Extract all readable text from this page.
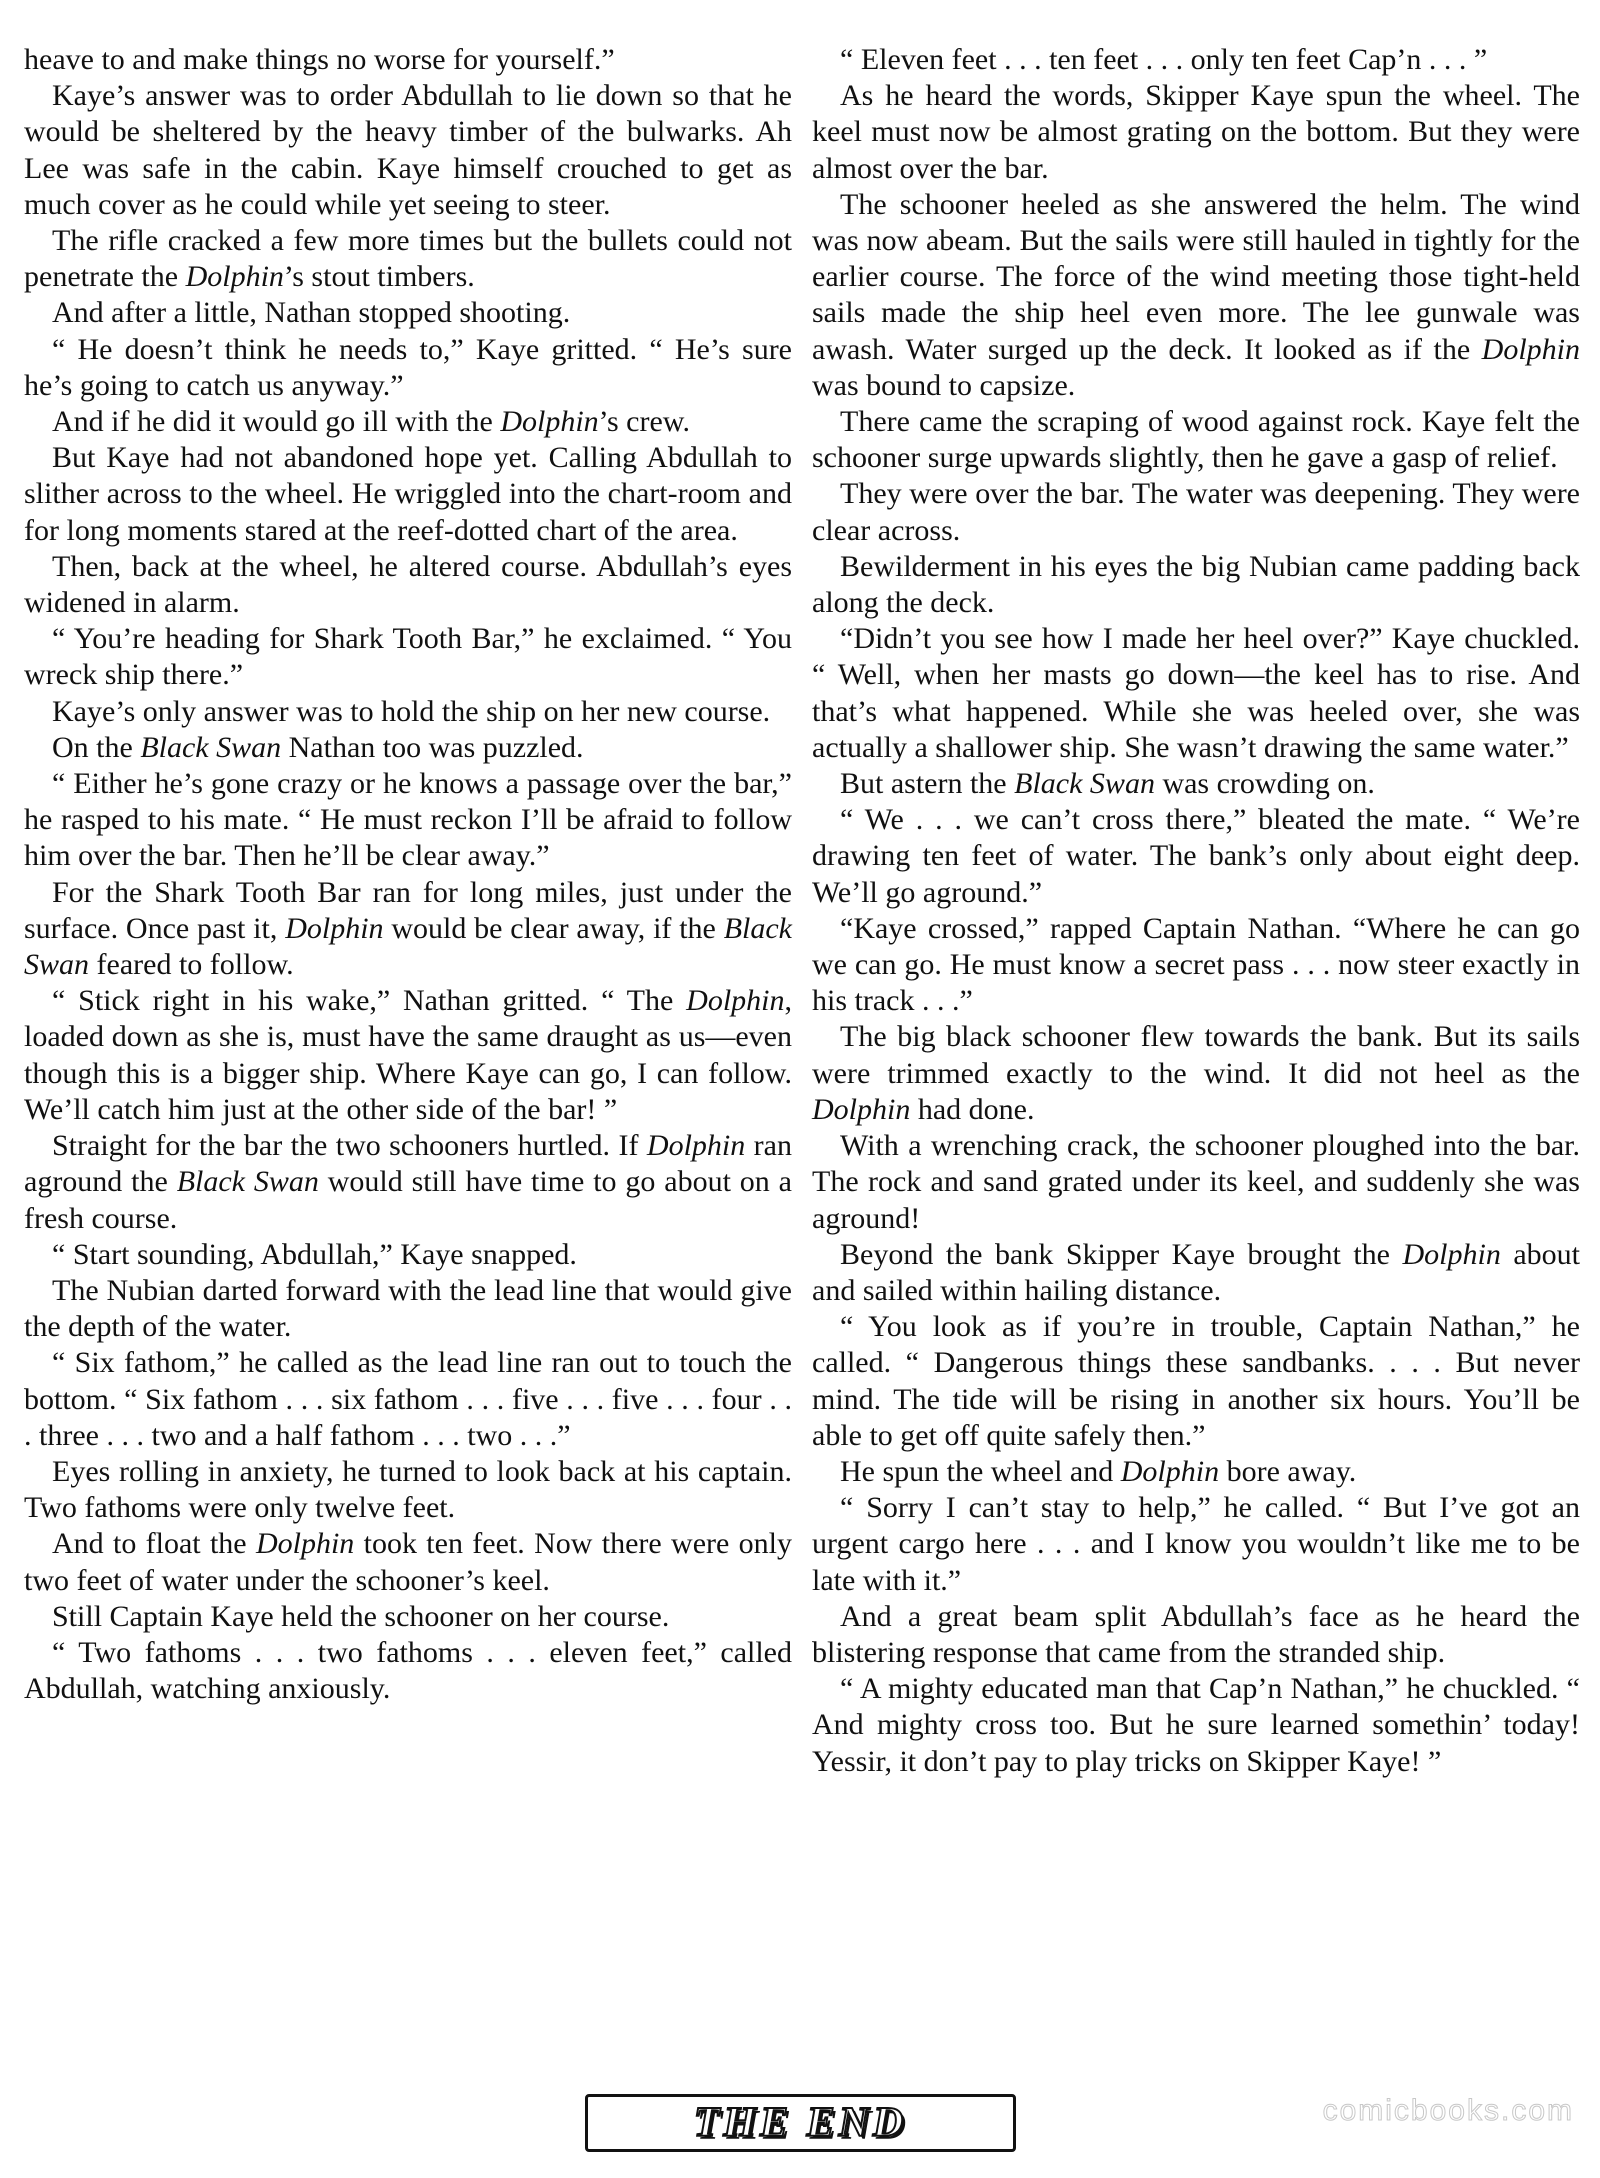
heave to and make things no worse for yourself.”

Kaye’s answer was to order Abdullah to lie down so that he would be sheltered by the heavy timber of the bulwarks. Ah Lee was safe in the cabin. Kaye himself crouched to get as much cover as he could while yet seeing to steer.

The rifle cracked a few more times but the bullets could not penetrate the Dolphin’s stout timbers.

And after a little, Nathan stopped shooting.

“ He doesn’t think he needs to,” Kaye gritted. “ He’s sure he’s going to catch us anyway.”

And if he did it would go ill with the Dolphin’s crew.

But Kaye had not abandoned hope yet. Calling Abdullah to slither across to the wheel. He wriggled into the chart-room and for long moments stared at the reef-dotted chart of the area.

Then, back at the wheel, he altered course. Abdullah’s eyes widened in alarm.

“ You’re heading for Shark Tooth Bar,” he exclaimed. “ You wreck ship there.”

Kaye’s only answer was to hold the ship on her new course.

On the Black Swan Nathan too was puzzled.

“ Either he’s gone crazy or he knows a passage over the bar,” he rasped to his mate. “ He must reckon I’ll be afraid to follow him over the bar. Then he’ll be clear away.”

For the Shark Tooth Bar ran for long miles, just under the surface. Once past it, Dolphin would be clear away, if the Black Swan feared to follow.

“ Stick right in his wake,” Nathan gritted. “ The Dolphin, loaded down as she is, must have the same draught as us—even though this is a bigger ship. Where Kaye can go, I can follow. We’ll catch him just at the other side of the bar! ”

Straight for the bar the two schooners hurtled. If Dolphin ran aground the Black Swan would still have time to go about on a fresh course.

“ Start sounding, Abdullah,” Kaye snapped.

The Nubian darted forward with the lead line that would give the depth of the water.

“ Six fathom,” he called as the lead line ran out to touch the bottom. “ Six fathom . . . six fathom . . . five . . . five . . . four . . . three . . . two and a half fathom . . . two . . .”

Eyes rolling in anxiety, he turned to look back at his captain. Two fathoms were only twelve feet.

And to float the Dolphin took ten feet. Now there were only two feet of water under the schooner’s keel.

Still Captain Kaye held the schooner on her course.

“ Two fathoms . . . two fathoms . . . eleven feet,” called Abdullah, watching anxiously.

“ Eleven feet . . . ten feet . . . only ten feet Cap’n . . . ”

As he heard the words, Skipper Kaye spun the wheel. The keel must now be almost grating on the bottom. But they were almost over the bar.

The schooner heeled as she answered the helm. The wind was now abeam. But the sails were still hauled in tightly for the earlier course. The force of the wind meeting those tight-held sails made the ship heel even more. The lee gunwale was awash. Water surged up the deck. It looked as if the Dolphin was bound to capsize.

There came the scraping of wood against rock. Kaye felt the schooner surge upwards slightly, then he gave a gasp of relief.

They were over the bar. The water was deepening. They were clear across.

Bewilderment in his eyes the big Nubian came padding back along the deck.

“Didn’t you see how I made her heel over?” Kaye chuckled. “ Well, when her masts go down—the keel has to rise. And that’s what happened. While she was heeled over, she was actually a shallower ship. She wasn’t drawing the same water.”

But astern the Black Swan was crowding on.

“ We . . . we can’t cross there,” bleated the mate. “ We’re drawing ten feet of water. The bank’s only about eight deep. We’ll go aground.”

“Kaye crossed,” rapped Captain Nathan. “Where he can go we can go. He must know a secret pass . . . now steer exactly in his track . . .”

The big black schooner flew towards the bank. But its sails were trimmed exactly to the wind. It did not heel as the Dolphin had done.

With a wrenching crack, the schooner ploughed into the bar. The rock and sand grated under its keel, and suddenly she was aground!

Beyond the bank Skipper Kaye brought the Dolphin about and sailed within hailing distance.

“ You look as if you’re in trouble, Captain Nathan,” he called. “ Dangerous things these sandbanks. . . . But never mind. The tide will be rising in another six hours. You’ll be able to get off quite safely then.”

He spun the wheel and Dolphin bore away.

“ Sorry I can’t stay to help,” he called. “ But I’ve got an urgent cargo here . . . and I know you wouldn’t like me to be late with it.”

And a great beam split Abdullah’s face as he heard the blistering response that came from the stranded ship.

“ A mighty educated man that Cap’n Nathan,” he chuckled. “ And mighty cross too. But he sure learned somethin’ today! Yessir, it don’t pay to play tricks on Skipper Kaye! ”

THE END	comicbooks.com
